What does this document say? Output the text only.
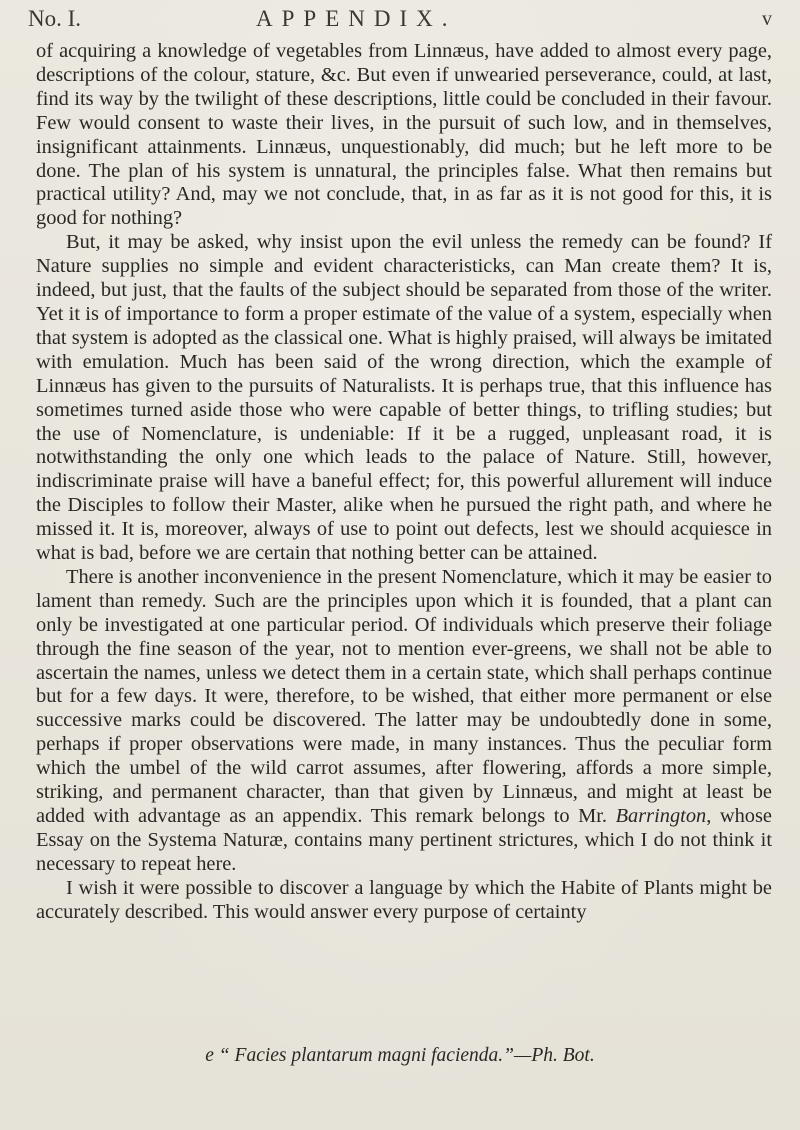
No. I.	APPENDIX.	v

of acquiring a knowledge of vegetables from Linnæus, have added to almost every page, descriptions of the colour, stature, &c. But even if unwearied perseverance, could, at last, find its way by the twilight of these descriptions, little could be concluded in their favour. Few would consent to waste their lives, in the pursuit of such low, and in themselves, insignificant attainments. Linnæus, unquestionably, did much; but he left more to be done. The plan of his system is unnatural, the principles false. What then remains but practical utility? And, may we not conclude, that, in as far as it is not good for this, it is good for nothing?

But, it may be asked, why insist upon the evil unless the remedy can be found? If Nature supplies no simple and evident characteristicks, can Man create them? It is, indeed, but just, that the faults of the subject should be separated from those of the writer. Yet it is of importance to form a proper estimate of the value of a system, especially when that system is adopted as the classical one. What is highly praised, will always be imitated with emulation. Much has been said of the wrong direction, which the example of Linnæus has given to the pursuits of Naturalists. It is perhaps true, that this influence has sometimes turned aside those who were capable of better things, to trifling studies; but the use of Nomenclature, is undeniable: If it be a rugged, unpleasant road, it is notwithstanding the only one which leads to the palace of Nature. Still, however, indiscriminate praise will have a baneful effect; for, this powerful allurement will induce the Disciples to follow their Master, alike when he pursued the right path, and where he missed it. It is, moreover, always of use to point out defects, lest we should acquiesce in what is bad, before we are certain that nothing better can be attained.

There is another inconvenience in the present Nomenclature, which it may be easier to lament than remedy. Such are the principles upon which it is founded, that a plant can only be investigated at one particular period. Of individuals which preserve their foliage through the fine season of the year, not to mention ever-greens, we shall not be able to ascertain the names, unless we detect them in a certain state, which shall perhaps continue but for a few days. It were, therefore, to be wished, that either more permanent or else successive marks could be discovered. The latter may be undoubtedly done in some, perhaps if proper observations were made, in many instances. Thus the peculiar form which the umbel of the wild carrot assumes, after flowering, affords a more simple, striking, and permanent character, than that given by Linnæus, and might at least be added with advantage as an appendix. This remark belongs to Mr. Barrington, whose Essay on the Systema Naturæ, contains many pertinent strictures, which I do not think it necessary to repeat here.

I wish it were possible to discover a language by which the Habite of Plants might be accurately described. This would answer every purpose of certainty

e “ Facies plantarum magni facienda.”—Ph. Bot.
